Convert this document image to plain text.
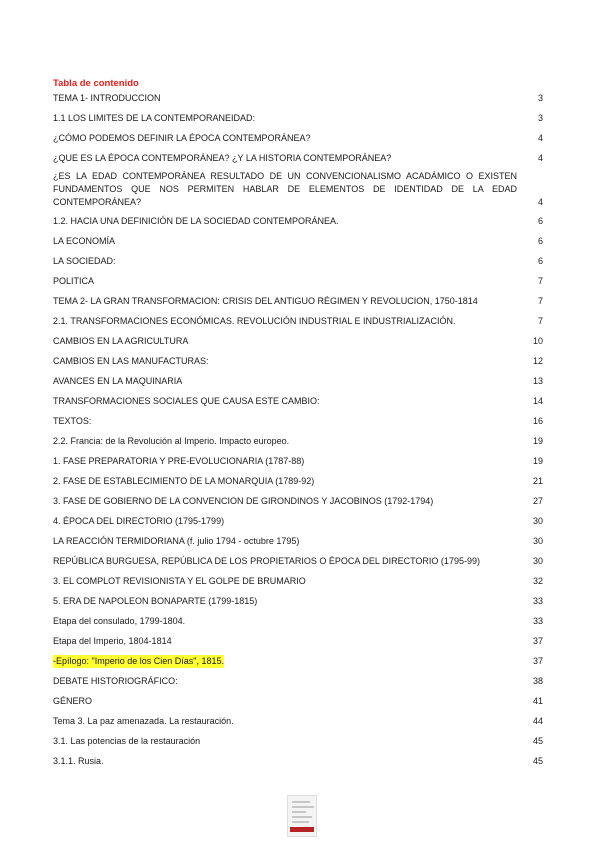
Tabla de contenido
TEMA 1- INTRODUCCION	3
1.1 LOS LIMITES DE LA CONTEMPORANEIDAD:	3
¿CÓMO PODEMOS DEFINIR LA ÉPOCA CONTEMPORÁNEA?	4
¿QUE ES LA ÉPOCA CONTEMPORÁNEA? ¿Y LA HISTORIA CONTEMPORÁNEA?	4
¿ES LA EDAD CONTEMPORÁNEA RESULTADO DE UN CONVENCIONALISMO ACADÁMICO O EXISTEN FUNDAMENTOS QUE NOS PERMITEN HABLAR DE ELEMENTOS DE IDENTIDAD DE LA EDAD CONTEMPORÁNEA?	4
1.2. HACIA UNA DEFINICIÓN DE LA SOCIEDAD CONTEMPORÁNEA.	6
LA ECONOMÍA	6
LA SOCIEDAD:	6
POLITICA	7
TEMA 2- LA GRAN TRANSFORMACION: CRISIS DEL ANTIGUO RÉGIMEN Y REVOLUCION, 1750-1814	7
2.1. TRANSFORMACIONES ECONÓMICAS. REVOLUCIÓN INDUSTRIAL E INDUSTRIALIZACIÓN.	7
CAMBIOS EN LA AGRICULTURA	10
CAMBIOS EN LAS MANUFACTURAS:	12
AVANCES EN LA MAQUINARIA	13
TRANSFORMACIONES SOCIALES QUE CAUSA ESTE CAMBIO:	14
TEXTOS:	16
2.2. Francia: de la Revolución al Imperio. Impacto europeo.	19
1. FASE PREPARATORIA Y PRE-EVOLUCIONARIA (1787-88)	19
2. FASE DE ESTABLECIMIENTO DE LA MONARQUIA (1789-92)	21
3. FASE DE GOBIERNO DE LA CONVENCION DE GIRONDINOS Y JACOBINOS (1792-1794)	27
4. ÉPOCA DEL DIRECTORIO (1795-1799)	30
LA REACCIÓN TERMIDORIANA (f. julio 1794 - octubre 1795)	30
REPÚBLICA BURGUESA, REPÚBLICA DE LOS PROPIETARIOS O ÉPOCA DEL DIRECTORIO (1795-99)	30
3. EL COMPLOT REVISIONISTA Y EL GOLPE DE BRUMARIO	32
5. ERA DE NAPOLEON BONAPARTE (1799-1815)	33
Etapa del consulado, 1799-1804.	33
Etapa del Imperio, 1804-1814	37
-Epílogo: "Imperio de los Cien Días", 1815.	37
DEBATE HISTORIOGRÁFICO:	38
GÉNERO	41
Tema 3. La paz amenazada. La restauración.	44
3.1. Las potencias de la restauración	45
3.1.1. Rusia.	45
